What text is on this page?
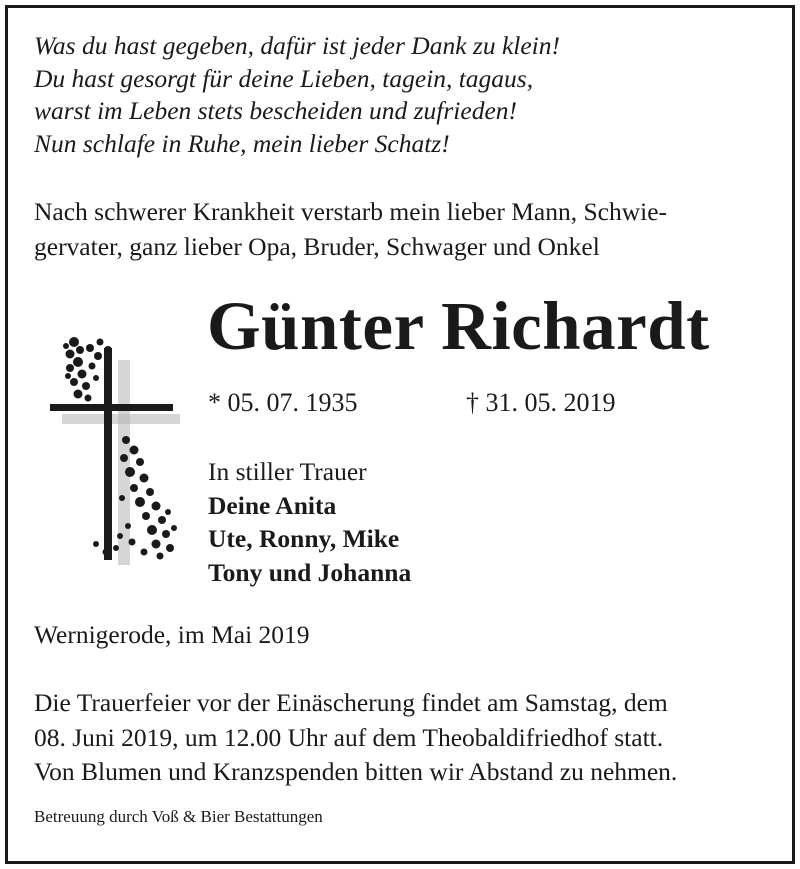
Was du hast gegeben, dafür ist jeder Dank zu klein!
Du hast gesorgt für deine Lieben, tagein, tagaus,
warst im Leben stets bescheiden und zufrieden!
Nun schlafe in Ruhe, mein lieber Schatz!
Nach schwerer Krankheit verstarb mein lieber Mann, Schwie-
gervater, ganz lieber Opa, Bruder, Schwager und Onkel
Günter Richardt
* 05. 07. 1935	† 31. 05. 2019
In stiller Trauer
Deine Anita
Ute, Ronny, Mike
Tony und Johanna
Wernigerode, im Mai 2019
Die Trauerfeier vor der Einäscherung findet am Samstag, dem
08. Juni 2019, um 12.00 Uhr auf dem Theobaldifriedhof statt.
Von Blumen und Kranzspenden bitten wir Abstand zu nehmen.
Betreuung durch Voß & Bier Bestattungen
